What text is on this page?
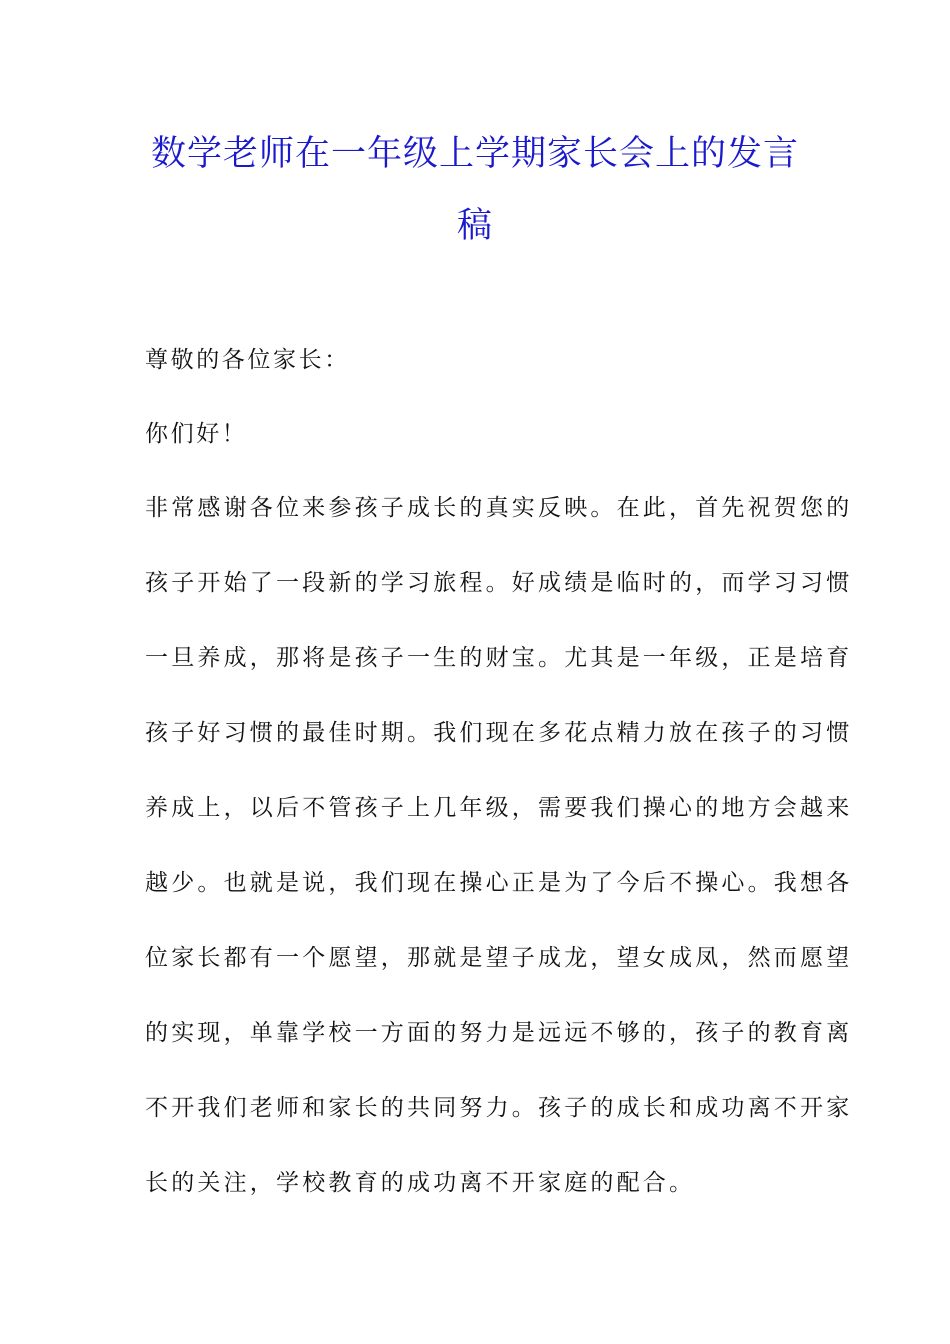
数学老师在一年级上学期家长会上的发言
稿

尊敬的各位家长：

你们好！

非常感谢各位来参孩子成长的真实反映。在此，首先祝贺您的
孩子开始了一段新的学习旅程。好成绩是临时的，而学习习惯
一旦养成，那将是孩子一生的财宝。尤其是一年级，正是培育
孩子好习惯的最佳时期。我们现在多花点精力放在孩子的习惯
养成上，以后不管孩子上几年级，需要我们操心的地方会越来
越少。也就是说，我们现在操心正是为了今后不操心。我想各
位家长都有一个愿望，那就是望子成龙，望女成凤，然而愿望
的实现，单靠学校一方面的努力是远远不够的，孩子的教育离
不开我们老师和家长的共同努力。孩子的成长和成功离不开家
长的关注，学校教育的成功离不开家庭的配合。
